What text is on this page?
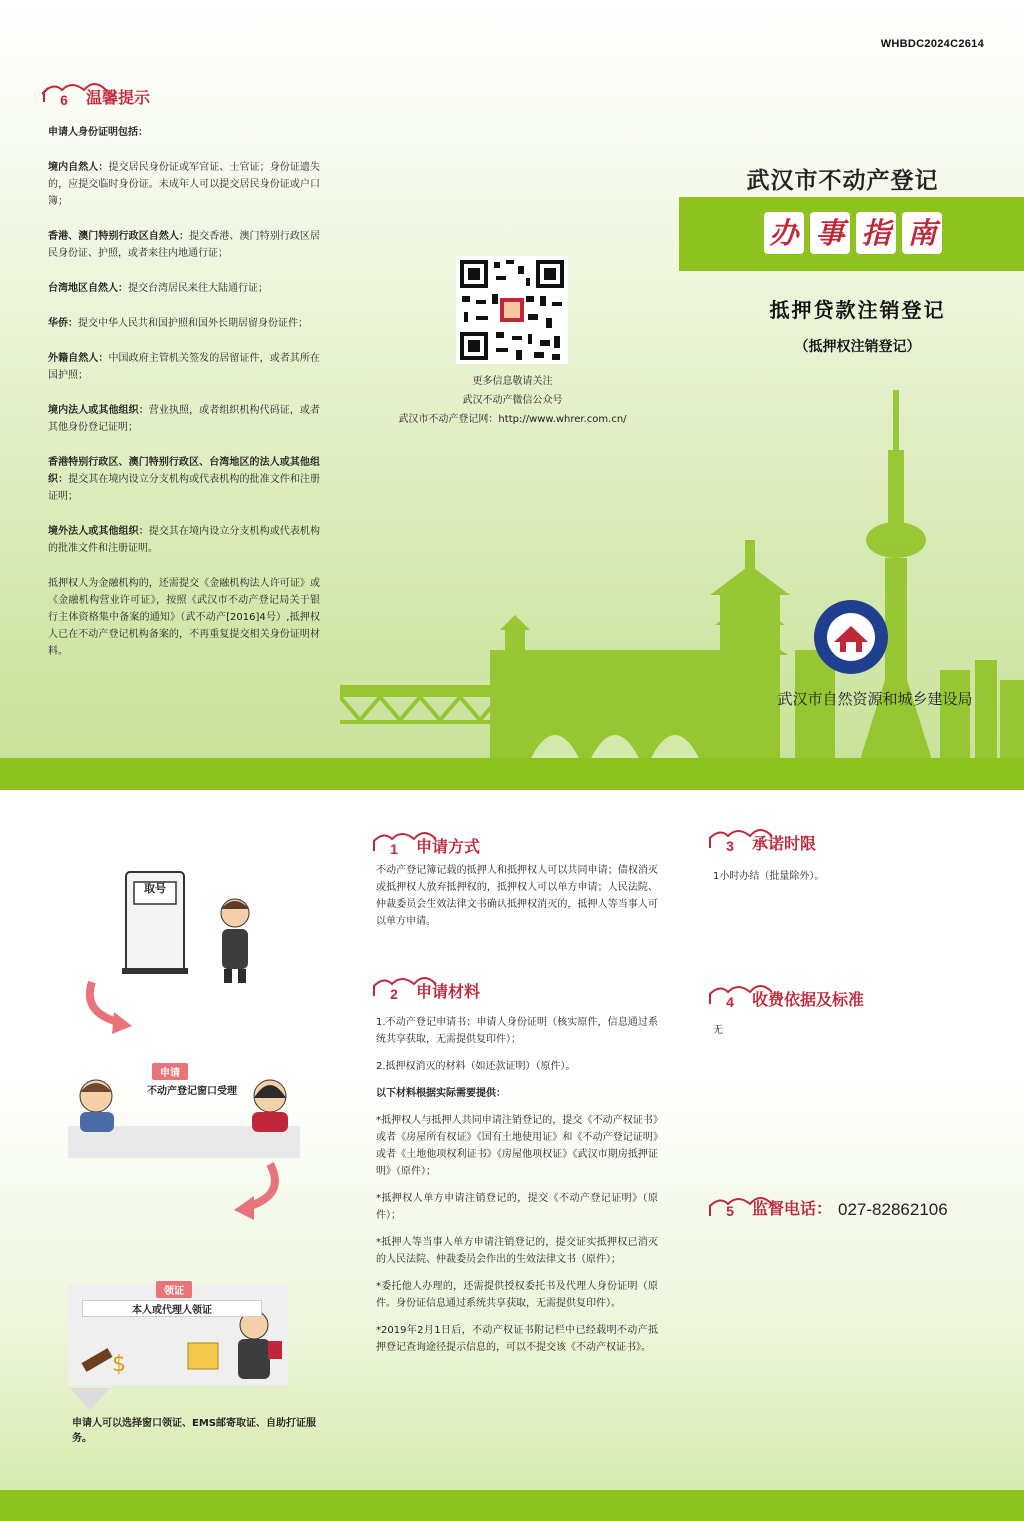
WHBDC2024C2614
6	温馨提示

申请人身份证明包括：

境内自然人：提交居民身份证或军官证、士官证；身份证遗失的，应提交临时身份证。未成年人可以提交居民身份证或户口簿；

香港、澳门特别行政区自然人：提交香港、澳门特别行政区居民身份证、护照，或者来往内地通行证；

台湾地区自然人：提交台湾居民来往大陆通行证；

华侨：提交中华人民共和国护照和国外长期居留身份证件；

外籍自然人：中国政府主管机关签发的居留证件，或者其所在国护照；

境内法人或其他组织：营业执照，或者组织机构代码证，或者其他身份登记证明；

香港特别行政区、澳门特别行政区、台湾地区的法人或其他组织：提交其在境内设立分支机构或代表机构的批准文件和注册证明；

境外法人或其他组织：提交其在境内设立分支机构或代表机构的批准文件和注册证明。

抵押权人为金融机构的，还需提交《金融机构法人许可证》或《金融机构营业许可证》，按照《武汉市不动产登记局关于银行主体资格集中备案的通知》（武不动产[2016]4号）,抵押权人已在不动产登记机构备案的，不再重复提交相关身份证明材料。

更多信息敬请关注
武汉不动产微信公众号
武汉市不动产登记网：http://www.whrer.com.cn/
武汉市不动产登记
办 事 指 南
抵押贷款注销登记
（抵押权注销登记）
武汉市自然资源和城乡建设局
1	申请方式

不动产登记簿记载的抵押人和抵押权人可以共同申请；债权消灭或抵押权人放弃抵押权的，抵押权人可以单方申请；人民法院、仲裁委员会生效法律文书确认抵押权消灭的，抵押人等当事人可以单方申请。

2	申请材料

1.不动产登记申请书；申请人身份证明（核实原件，信息通过系统共享获取，无需提供复印件）；

2.抵押权消灭的材料（如还款证明）（原件）。

以下材料根据实际需要提供：

*抵押权人与抵押人共同申请注销登记的，提交《不动产权证书》或者《房屋所有权证》《国有土地使用证》和《不动产登记证明》或者《土地他项权利证书》《房屋他项权证》《武汉市期房抵押证明》（原件）；

*抵押权人单方申请注销登记的，提交《不动产登记证明》（原件）；

*抵押人等当事人单方申请注销登记的，提交证实抵押权已消灭的人民法院、仲裁委员会作出的生效法律文书（原件）；

*委托他人办理的，还需提供授权委托书及代理人身份证明（原件。身份证信息通过系统共享获取，无需提供复印件）。

*2019年2月1日后，不动产权证书附记栏中已经载明不动产抵押登记查询途径提示信息的，可以不提交该《不动产权证书》。

3	承诺时限
1小时办结（批量除外）。
4	收费依据及标准
无
5	监督电话： 027-82862106
取号
申请
不动产登记窗口受理
$
领证
本人或代理人领证
申请人可以选择窗口领证、EMS邮寄取证、自助打证服务。
